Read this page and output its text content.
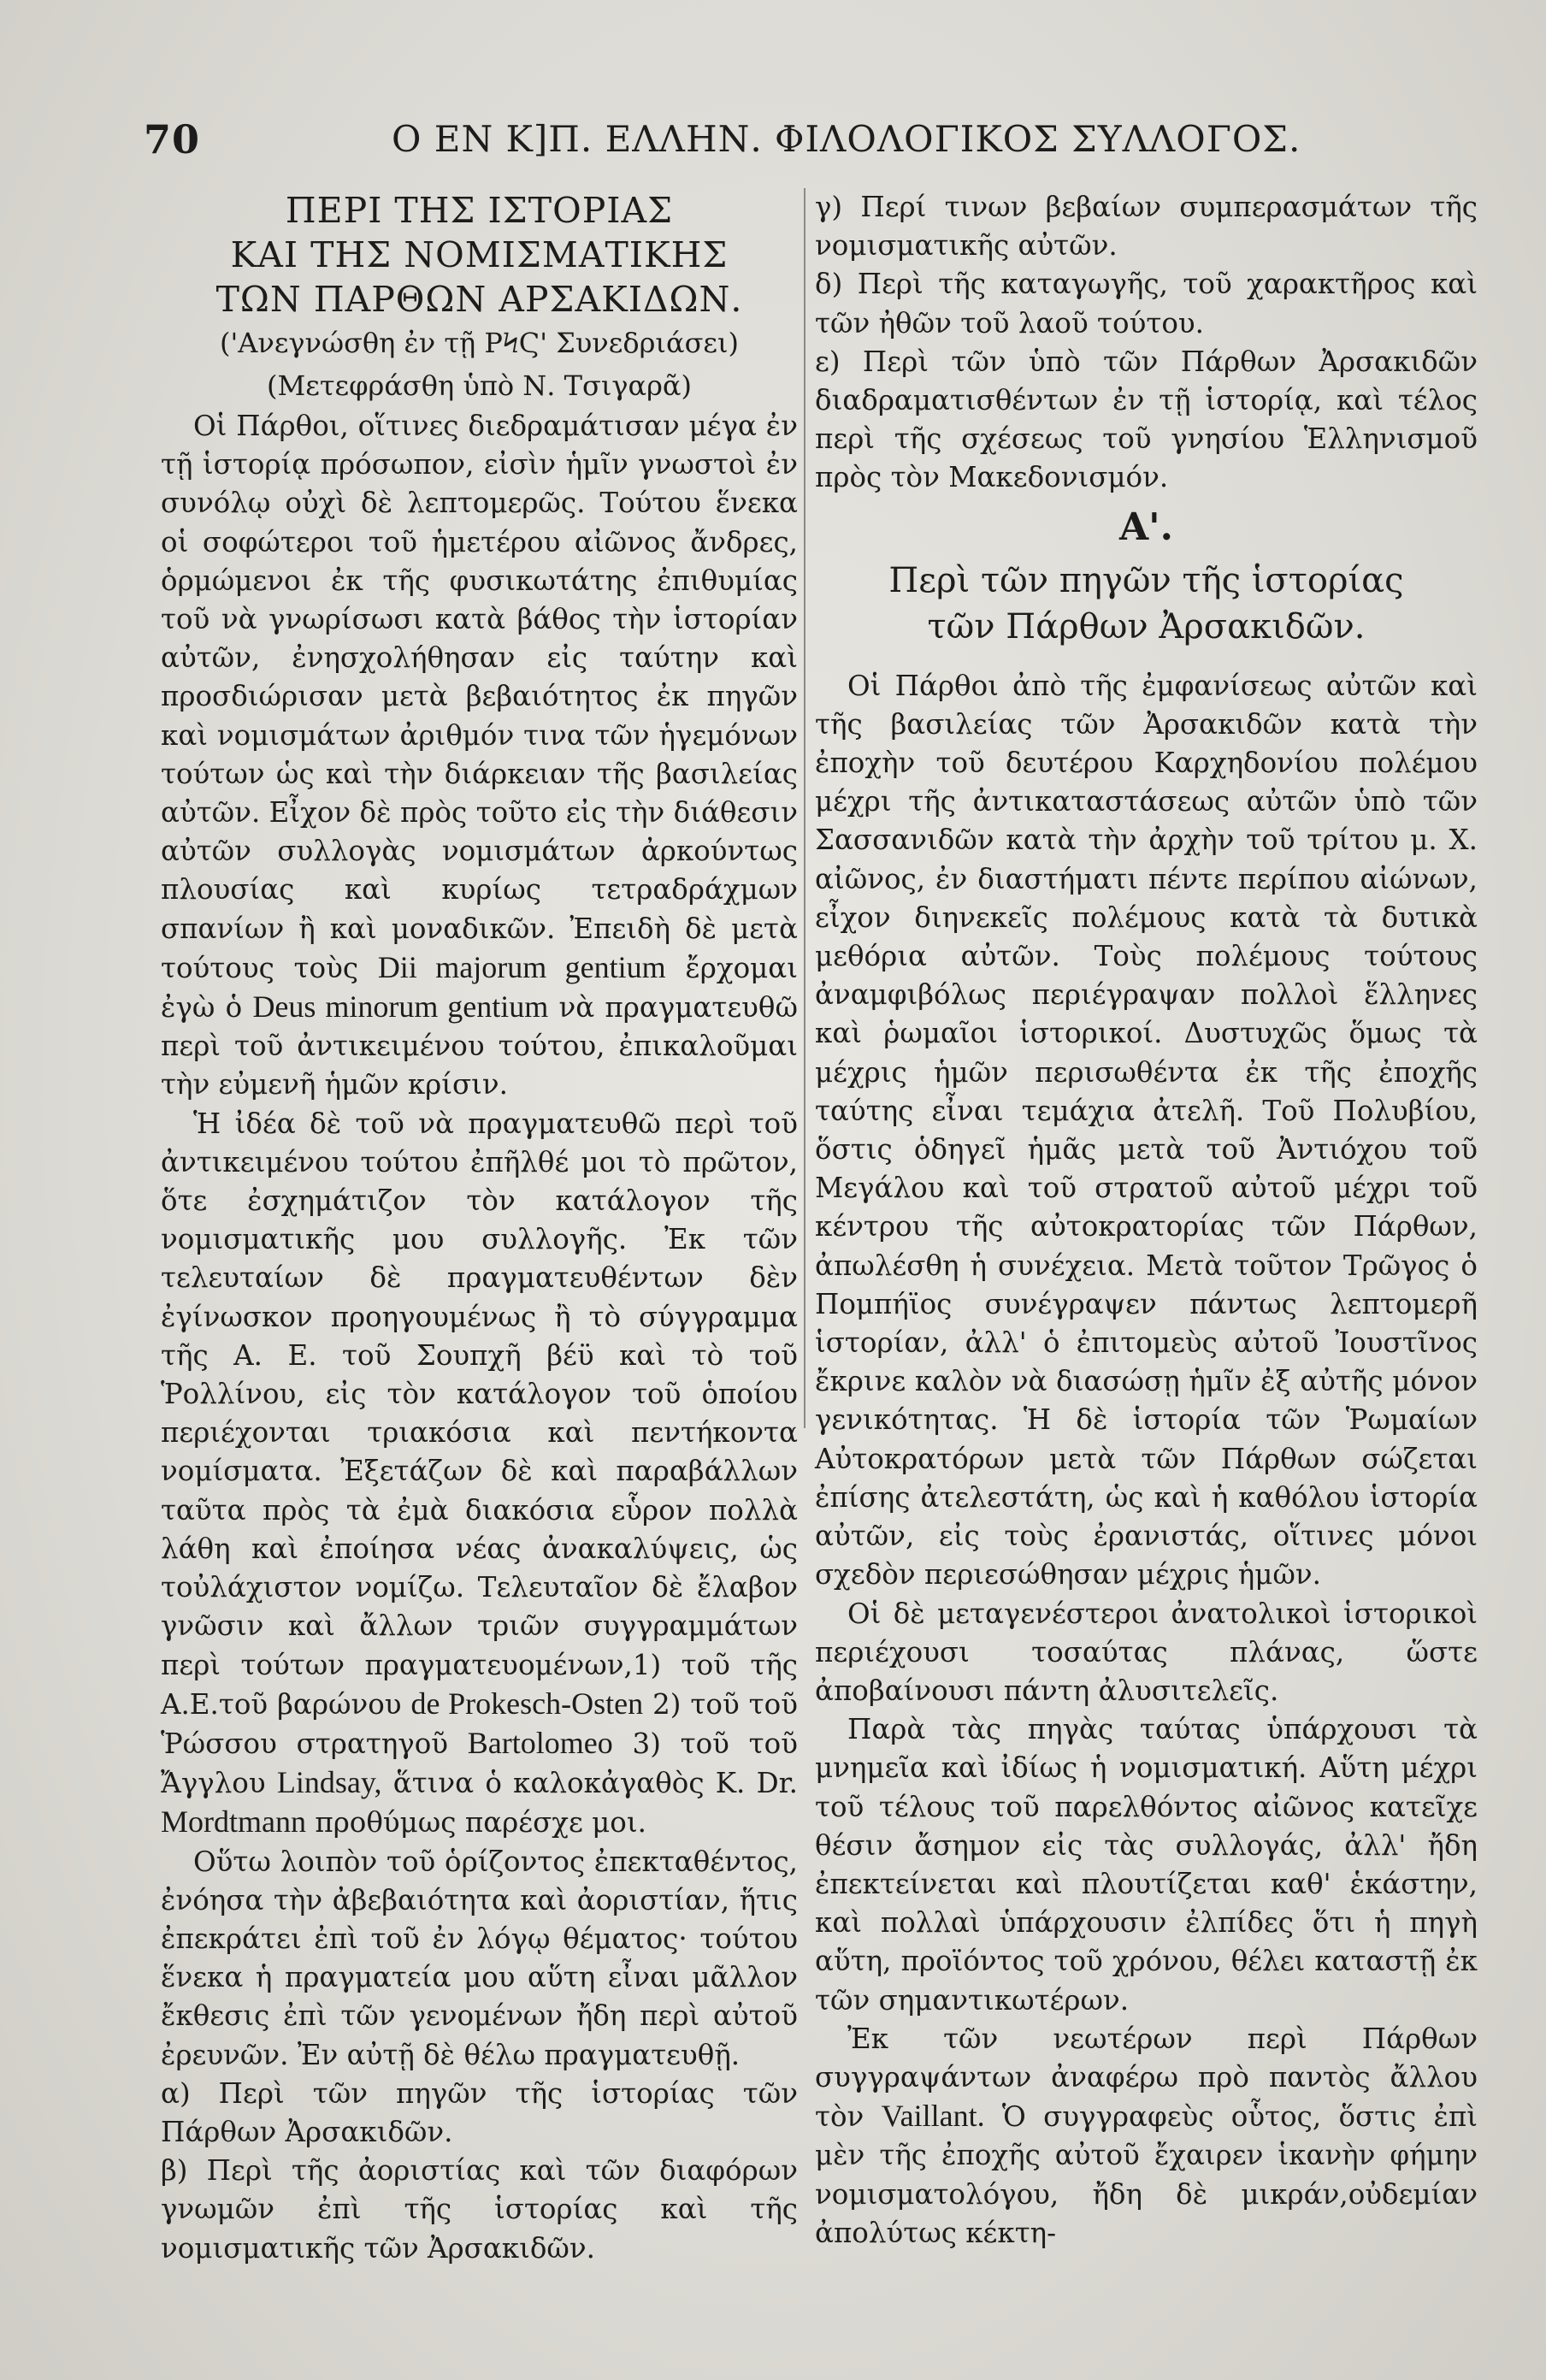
70	Ο ΕΝ Κ]Π. ΕΛΛΗΝ. ΦΙΛΟΛΟΓΙΚΟΣ ΣΥΛΛΟΓΟΣ.

ΠΕΡΙ ΤΗΣ ΙΣΤΟΡΙΑΣ

ΚΑΙ ΤΗΣ ΝΟΜΙΣΜΑΤΙΚΗΣ

ΤΩΝ ΠΑΡΘΩΝ ΑΡΣΑΚΙΔΩΝ.

('Ανεγνώσθη ἐν τῇ ΡϞϚ' Συνεδριάσει)

(Μετεφράσθη ὑπὸ Ν. Τσιγαρᾶ)

Οἱ Πάρθοι, οἵτινες διεδραμάτισαν μέγα ἐν τῇ ἱστορίᾳ πρόσωπον, εἰσὶν ἡμῖν γνωστοὶ ἐν συνόλῳ οὐχὶ δὲ λεπτομερῶς. Τούτου ἕνεκα οἱ σοφώτεροι τοῦ ἡμετέρου αἰῶνος ἄνδρες, ὁρμώμενοι ἐκ τῆς φυσικωτάτης ἐπιθυμίας τοῦ νὰ γνωρίσωσι κατὰ βάθος τὴν ἱστορίαν αὐτῶν, ἐνησχολήθησαν εἰς ταύτην καὶ προσδιώρισαν μετὰ βεβαιότητος ἐκ πηγῶν καὶ νομισμάτων ἀριθμόν τινα τῶν ἡγεμόνων τούτων ὡς καὶ τὴν διάρκειαν τῆς βασιλείας αὐτῶν. Εἶχον δὲ πρὸς τοῦτο εἰς τὴν διάθεσιν αὐτῶν συλλογὰς νομισμάτων ἀρκούντως πλουσίας καὶ κυρίως τετραδράχμων σπανίων ἢ καὶ μοναδικῶν. Ἐπειδὴ δὲ μετὰ τούτους τοὺς Dii majorum gentium ἔρχομαι ἐγὼ ὁ Deus minorum gentium νὰ πραγματευθῶ περὶ τοῦ ἀντικειμένου τούτου, ἐπικαλοῦμαι τὴν εὐμενῆ ἡμῶν κρίσιν.

Ἡ ἰδέα δὲ τοῦ νὰ πραγματευθῶ περὶ τοῦ ἀντικειμένου τούτου ἐπῆλθέ μοι τὸ πρῶτον, ὅτε ἐσχημάτιζον τὸν κατάλογον τῆς νομισματικῆς μου συλλογῆς. Ἐκ τῶν τελευταίων δὲ πραγματευθέντων δὲν ἐγίνωσκον προηγουμένως ἢ τὸ σύγγραμμα τῆς Α. Ε. τοῦ Σουπχῆ βέϋ καὶ τὸ τοῦ Ῥολλίνου, εἰς τὸν κατάλογον τοῦ ὁποίου περιέχονται τριακόσια καὶ πεντήκοντα νομίσματα. Ἐξετάζων δὲ καὶ παραβάλλων ταῦτα πρὸς τὰ ἐμὰ διακόσια εὗρον πολλὰ λάθη καὶ ἐποίησα νέας ἀνακαλύψεις, ὡς τοὐλάχιστον νομίζω. Τελευταῖον δὲ ἔλαβον γνῶσιν καὶ ἄλλων τριῶν συγγραμμάτων περὶ τούτων πραγματευομένων,1) τοῦ τῆς Α.Ε.τοῦ βαρώνου de Prokesch-Osten 2) τοῦ τοῦ Ῥώσσου στρατηγοῦ Bartolomeo 3) τοῦ τοῦ Ἄγγλου Lindsay, ἅτινα ὁ καλοκἀγαθὸς Κ. Dr. Mordtmann προθύμως παρέσχε μοι.

Οὕτω λοιπὸν τοῦ ὁρίζοντος ἐπεκταθέντος, ἐνόησα τὴν ἀβεβαιότητα καὶ ἀοριστίαν, ἥτις ἐπεκράτει ἐπὶ τοῦ ἐν λόγῳ θέματος· τούτου ἕνεκα ἡ πραγματεία μου αὕτη εἶναι μᾶλλον ἔκθεσις ἐπὶ τῶν γενομένων ἤδη περὶ αὐτοῦ ἐρευνῶν. Ἐν αὐτῇ δὲ θέλω πραγματευθῇ.

α) Περὶ τῶν πηγῶν τῆς ἱστορίας τῶν Πάρθων Ἀρσακιδῶν.

β) Περὶ τῆς ἀοριστίας καὶ τῶν διαφόρων γνωμῶν ἐπὶ τῆς ἱστορίας καὶ τῆς νομισματικῆς τῶν Ἀρσακιδῶν.

γ) Περί τινων βεβαίων συμπερασμάτων τῆς νομισματικῆς αὐτῶν.

δ) Περὶ τῆς καταγωγῆς, τοῦ χαρακτῆρος καὶ τῶν ἠθῶν τοῦ λαοῦ τούτου.

ε) Περὶ τῶν ὑπὸ τῶν Πάρθων Ἀρσακιδῶν διαδραματισθέντων ἐν τῇ ἱστορίᾳ, καὶ τέλος περὶ τῆς σχέσεως τοῦ γνησίου Ἑλληνισμοῦ πρὸς τὸν Μακεδονισμόν.

Α'.

Περὶ τῶν πηγῶν τῆς ἱστορίας

τῶν Πάρθων Ἀρσακιδῶν.

Οἱ Πάρθοι ἀπὸ τῆς ἐμφανίσεως αὐτῶν καὶ τῆς βασιλείας τῶν Ἀρσακιδῶν κατὰ τὴν ἐποχὴν τοῦ δευτέρου Καρχηδονίου πολέμου μέχρι τῆς ἀντικαταστάσεως αὐτῶν ὑπὸ τῶν Σασσανιδῶν κατὰ τὴν ἀρχὴν τοῦ τρίτου μ. Χ. αἰῶνος, ἐν διαστήματι πέντε περίπου αἰώνων, εἶχον διηνεκεῖς πολέμους κατὰ τὰ δυτικὰ μεθόρια αὐτῶν. Τοὺς πολέμους τούτους ἀναμφιβόλως περιέγραψαν πολλοὶ ἕλληνες καὶ ῥωμαῖοι ἱστορικοί. Δυστυχῶς ὅμως τὰ μέχρις ἡμῶν περισωθέντα ἐκ τῆς ἐποχῆς ταύτης εἶναι τεμάχια ἀτελῆ. Τοῦ Πολυβίου, ὅστις ὁδηγεῖ ἡμᾶς μετὰ τοῦ Ἀντιόχου τοῦ Μεγάλου καὶ τοῦ στρατοῦ αὐτοῦ μέχρι τοῦ κέντρου τῆς αὐτοκρατορίας τῶν Πάρθων, ἀπωλέσθη ἡ συνέχεια. Μετὰ τοῦτον Τρῶγος ὁ Πομπήϊος συνέγραψεν πάντως λεπτομερῆ ἱστορίαν, ἀλλ' ὁ ἐπιτομεὺς αὐτοῦ Ἰουστῖνος ἔκρινε καλὸν νὰ διασώσῃ ἡμῖν ἐξ αὐτῆς μόνον γενικότητας. Ἡ δὲ ἱστορία τῶν Ῥωμαίων Αὐτοκρατόρων μετὰ τῶν Πάρθων σώζεται ἐπίσης ἀτελεστάτη, ὡς καὶ ἡ καθόλου ἱστορία αὐτῶν, εἰς τοὺς ἐρανιστάς, οἵτινες μόνοι σχεδὸν περιεσώθησαν μέχρις ἡμῶν.

Οἱ δὲ μεταγενέστεροι ἀνατολικοὶ ἱστορικοὶ περιέχουσι τοσαύτας πλάνας, ὥστε ἀποβαίνουσι πάντη ἀλυσιτελεῖς.

Παρὰ τὰς πηγὰς ταύτας ὑπάρχουσι τὰ μνημεῖα καὶ ἰδίως ἡ νομισματική. Αὕτη μέχρι τοῦ τέλους τοῦ παρελθόντος αἰῶνος κατεῖχε θέσιν ἄσημον εἰς τὰς συλλογάς, ἀλλ' ἤδη ἐπεκτείνεται καὶ πλουτίζεται καθ' ἑκάστην, καὶ πολλαὶ ὑπάρχουσιν ἐλπίδες ὅτι ἡ πηγὴ αὕτη, προϊόντος τοῦ χρόνου, θέλει καταστῇ ἐκ τῶν σημαντικωτέρων.

Ἐκ τῶν νεωτέρων περὶ Πάρθων συγγραψάντων ἀναφέρω πρὸ παντὸς ἄλλου τὸν Vaillant. Ὁ συγγραφεὺς οὗτος, ὅστις ἐπὶ μὲν τῆς ἐποχῆς αὐτοῦ ἔχαιρεν ἱκανὴν φήμην νομισματολόγου, ἤδη δὲ μικράν,οὐδεμίαν ἀπολύτως κέκτη-
